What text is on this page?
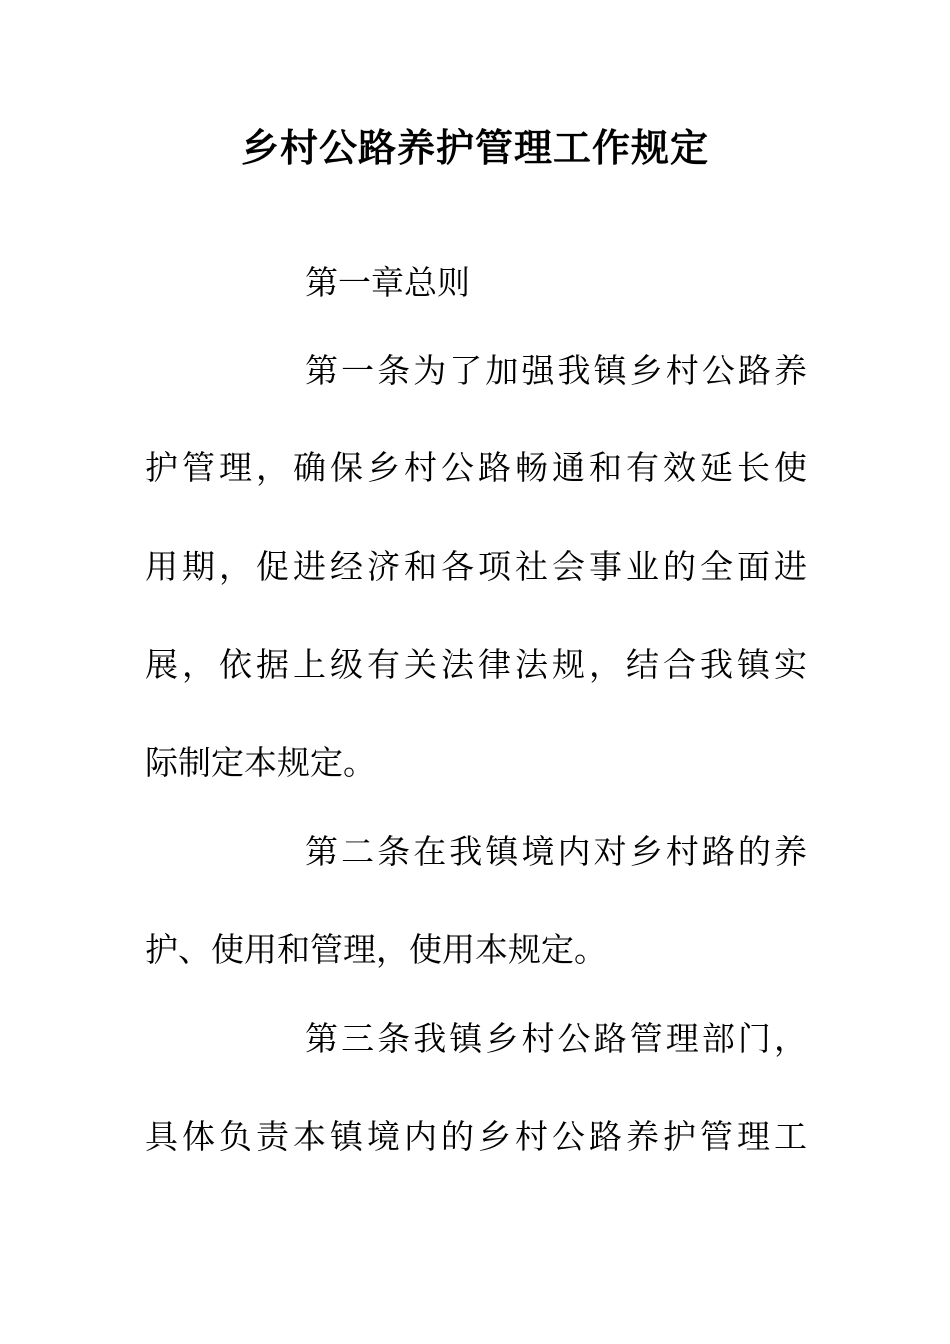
乡村公路养护管理工作规定
第一章总则
第一条为了加强我镇乡村公路养
护管理，确保乡村公路畅通和有效延长使
用期，促进经济和各项社会事业的全面进
展，依据上级有关法律法规，结合我镇实
际制定本规定。
第二条在我镇境内对乡村路的养
护、使用和管理，使用本规定。
第三条我镇乡村公路管理部门，
具体负责本镇境内的乡村公路养护管理工
